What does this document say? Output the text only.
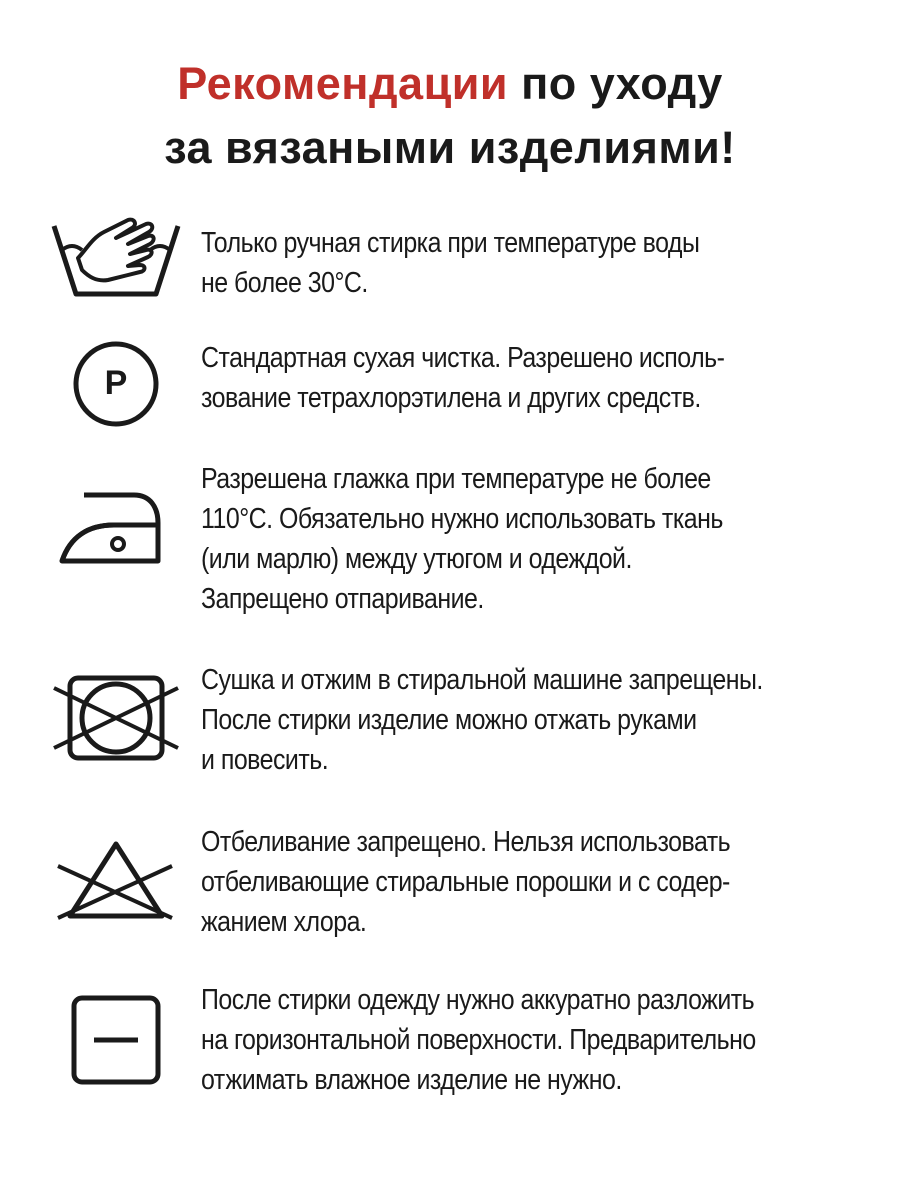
Рекомендации по уходу
за вязаными изделиями!
Только ручная стирка при температуре воды
не более 30°С.
P
Стандартная сухая чистка. Разрешено исполь-
зование тетрахлорэтилена и других средств.
Разрешена глажка при температуре не более
110°С. Обязательно нужно использовать ткань
(или марлю) между утюгом и одеждой.
Запрещено отпаривание.
Сушка и отжим в стиральной машине запрещены.
После стирки изделие можно отжать руками
и повесить.
Отбеливание запрещено. Нельзя использовать
отбеливающие стиральные порошки и с содер-
жанием хлора.
После стирки одежду нужно аккуратно разложить
на горизонтальной поверхности. Предварительно
отжимать влажное изделие не нужно.
